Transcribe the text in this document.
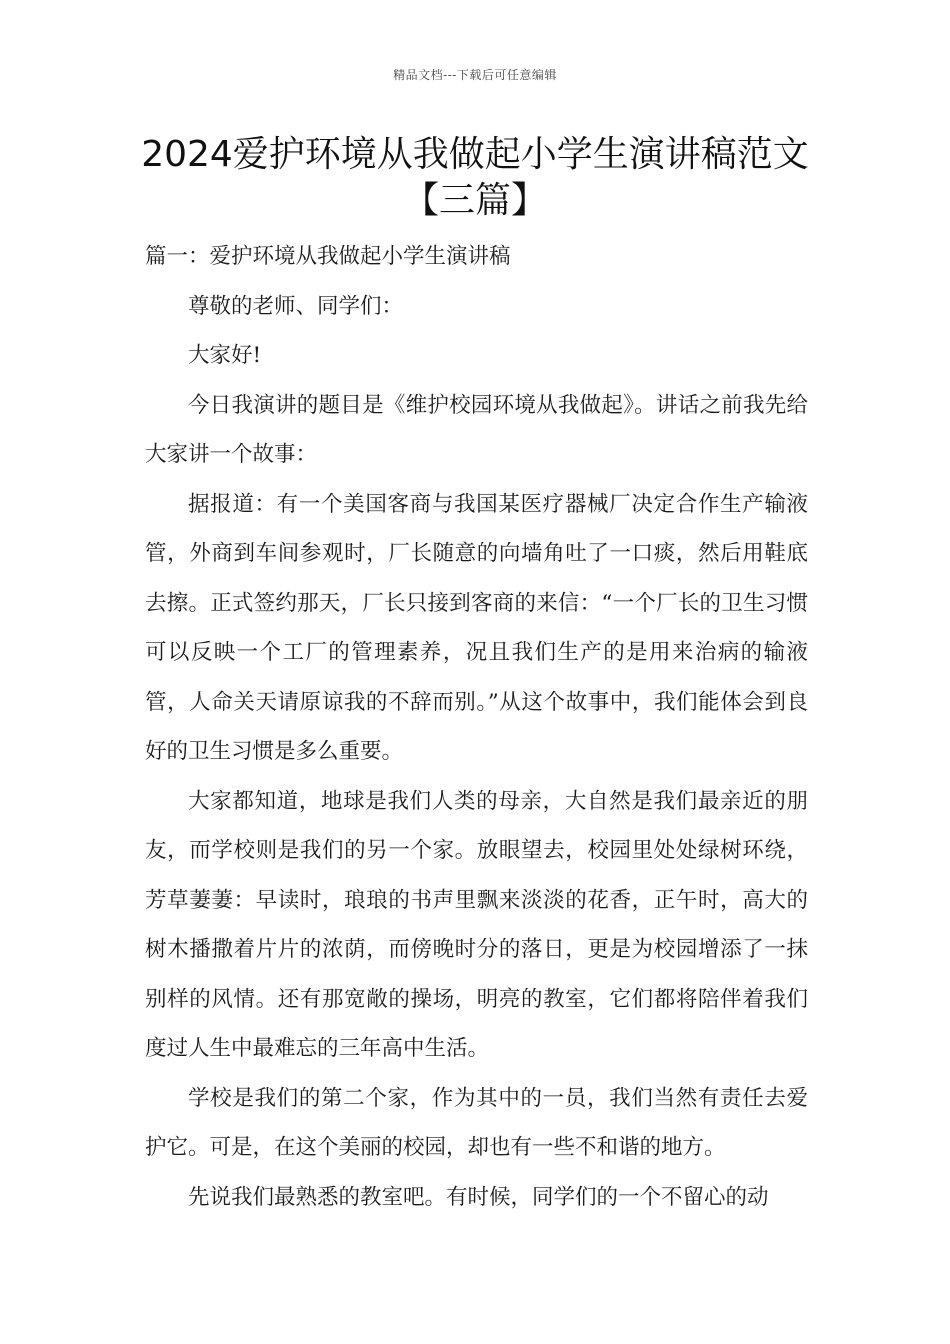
精品文档---下载后可任意编辑
2024爱护环境从我做起小学生演讲稿范文【三篇】

篇一：爱护环境从我做起小学生演讲稿

尊敬的老师、同学们：

大家好!

今日我演讲的题目是《维护校园环境从我做起》。讲话之前我先给大家讲一个故事：

据报道：有一个美国客商与我国某医疗器械厂决定合作生产输液管，外商到车间参观时，厂长随意的向墙角吐了一口痰，然后用鞋底去擦。正式签约那天，厂长只接到客商的来信：“一个厂长的卫生习惯可以反映一个工厂的管理素养，况且我们生产的是用来治病的输液管，人命关天请原谅我的不辞而别。”从这个故事中，我们能体会到良好的卫生习惯是多么重要。

大家都知道，地球是我们人类的母亲，大自然是我们最亲近的朋友，而学校则是我们的另一个家。放眼望去，校园里处处绿树环绕，芳草萋萋：早读时，琅琅的书声里飘来淡淡的花香，正午时，高大的树木播撒着片片的浓荫，而傍晚时分的落日，更是为校园增添了一抹别样的风情。还有那宽敞的操场，明亮的教室，它们都将陪伴着我们度过人生中最难忘的三年高中生活。

学校是我们的第二个家，作为其中的一员，我们当然有责任去爱护它。可是，在这个美丽的校园，却也有一些不和谐的地方。

先说我们最熟悉的教室吧。有时候，同学们的一个不留心的动
